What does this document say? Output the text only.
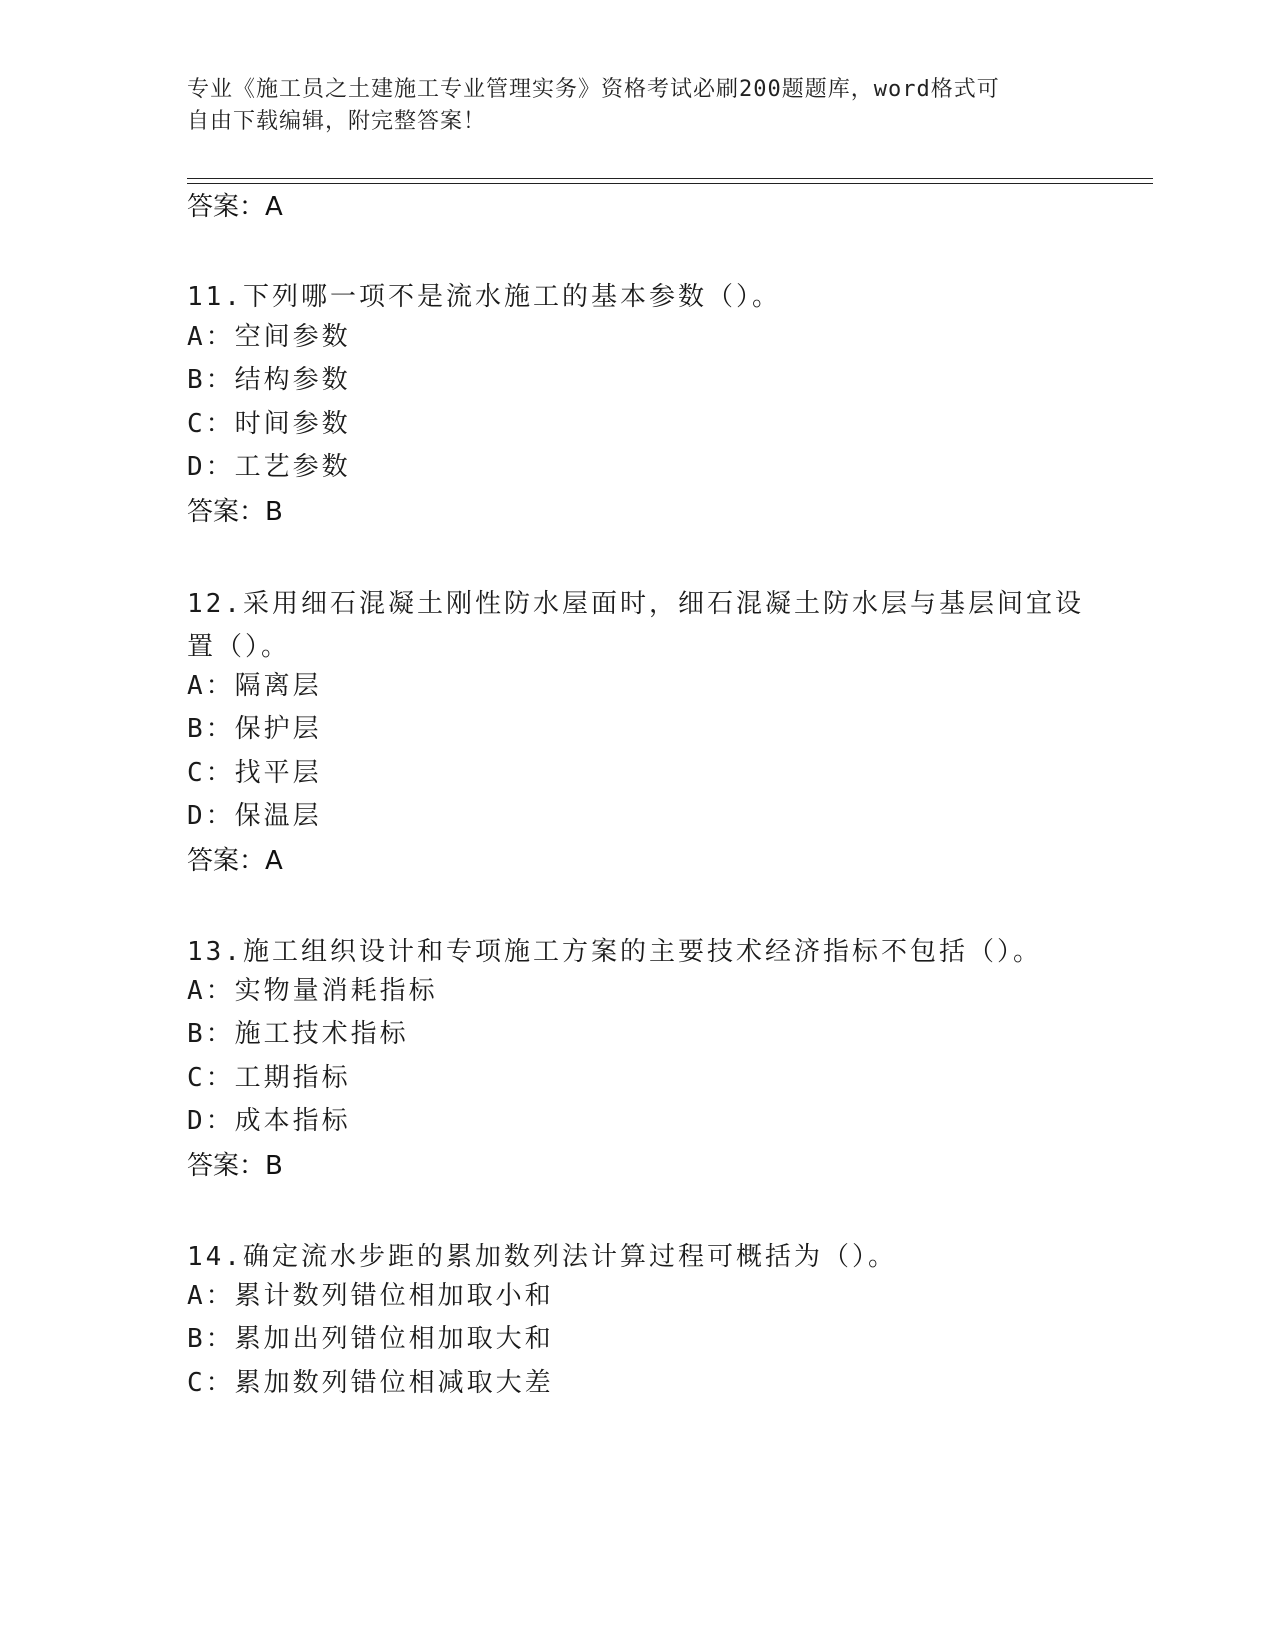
专业《施工员之土建施工专业管理实务》资格考试必刷200题题库，word格式可
自由下载编辑，附完整答案！
答案：A
11.下列哪一项不是流水施工的基本参数（）。
A：空间参数
B：结构参数
C：时间参数
D：工艺参数
答案：B
12.采用细石混凝土刚性防水屋面时，细石混凝土防水层与基层间宜设
置（）。
A：隔离层
B：保护层
C：找平层
D：保温层
答案：A
13.施工组织设计和专项施工方案的主要技术经济指标不包括（）。
A：实物量消耗指标
B：施工技术指标
C：工期指标
D：成本指标
答案：B
14.确定流水步距的累加数列法计算过程可概括为（）。
A：累计数列错位相加取小和
B：累加出列错位相加取大和
C：累加数列错位相减取大差
